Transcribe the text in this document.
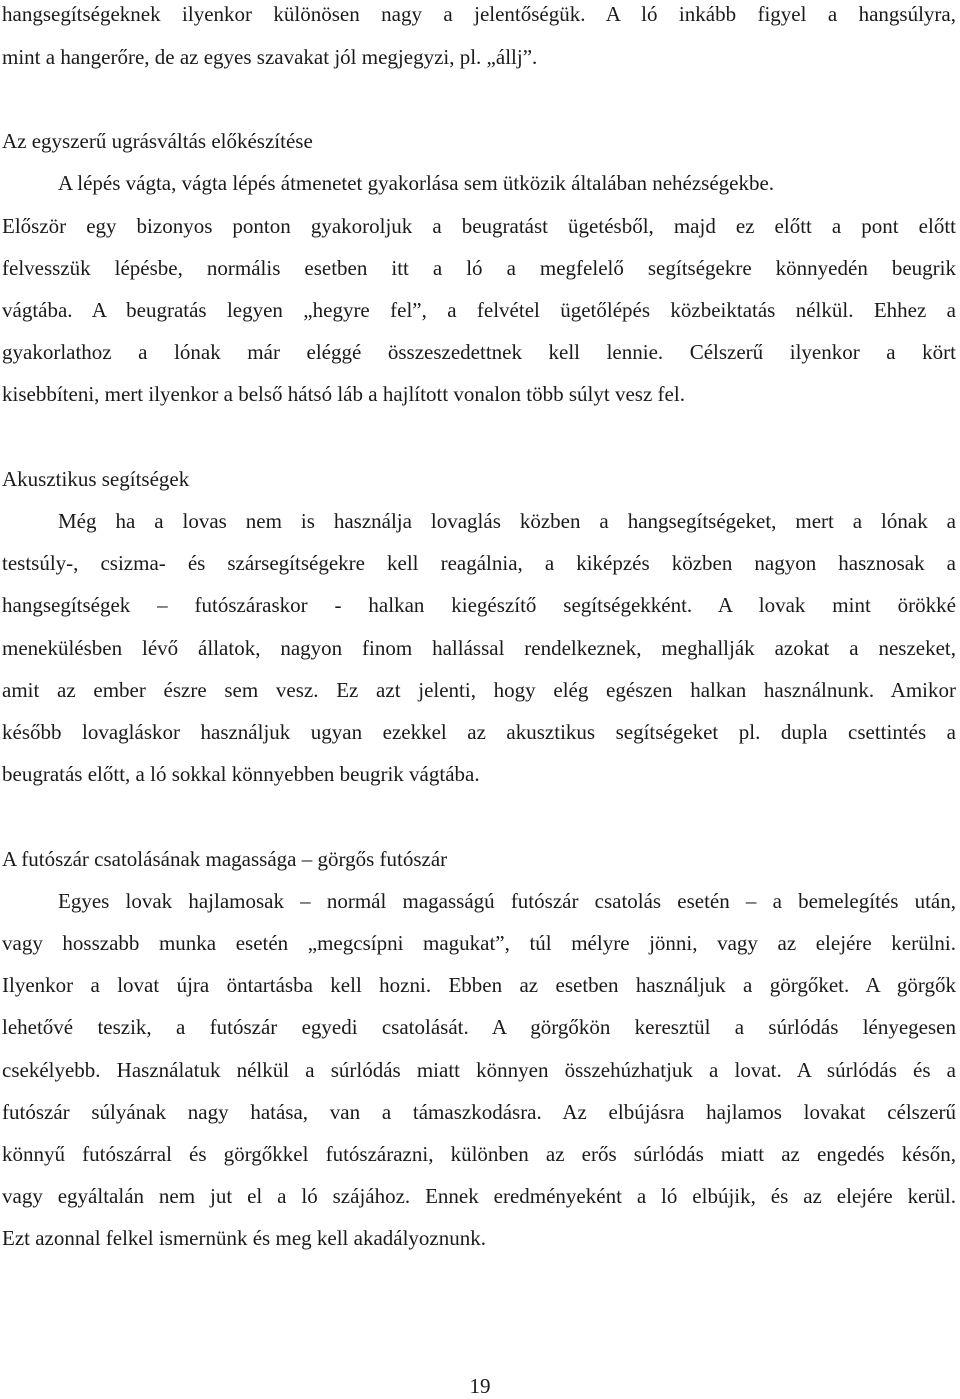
hangsegítségeknek ilyenkor különösen nagy a jelentőségük. A ló inkább figyel a hangsúlyra,
mint a hangerőre, de az egyes szavakat jól megjegyzi, pl. „állj”.
Az egyszerű ugrásváltás előkészítése
A lépés vágta, vágta lépés átmenetet gyakorlása sem ütközik általában nehézségekbe.
Először egy bizonyos ponton gyakoroljuk a beugratást ügetésből, majd ez előtt a pont előtt
felvesszük lépésbe, normális esetben itt a ló a megfelelő segítségekre könnyedén beugrik
vágtába. A beugratás legyen „hegyre fel”, a felvétel ügetőlépés közbeiktatás nélkül. Ehhez a
gyakorlathoz a lónak már eléggé összeszedettnek kell lennie. Célszerű ilyenkor a kört
kisebbíteni, mert ilyenkor a belső hátsó láb a hajlított vonalon több súlyt vesz fel.
Akusztikus segítségek
Még ha a lovas nem is használja lovaglás közben a hangsegítségeket, mert a lónak a
testsúly-, csizma- és szársegítségekre kell reagálnia, a kiképzés közben nagyon hasznosak a
hangsegítségek – futószáraskor - halkan kiegészítő segítségekként. A lovak mint örökké
menekülésben lévő állatok, nagyon finom hallással rendelkeznek, meghallják azokat a neszeket,
amit az ember észre sem vesz. Ez azt jelenti, hogy elég egészen halkan használnunk. Amikor
később lovagláskor használjuk ugyan ezekkel az akusztikus segítségeket pl. dupla csettintés a
beugratás előtt, a ló sokkal könnyebben beugrik vágtába.
A futószár csatolásának magassága – görgős futószár
Egyes lovak hajlamosak – normál magasságú futószár csatolás esetén – a bemelegítés után,
vagy hosszabb munka esetén „megcsípni magukat”, túl mélyre jönni, vagy az elejére kerülni.
Ilyenkor a lovat újra öntartásba kell hozni. Ebben az esetben használjuk a görgőket. A görgők
lehetővé teszik, a futószár egyedi csatolását. A görgőkön keresztül a súrlódás lényegesen
csekélyebb. Használatuk nélkül a súrlódás miatt könnyen összehúzhatjuk a lovat. A súrlódás és a
futószár súlyának nagy hatása, van a támaszkodásra. Az elbújásra hajlamos lovakat célszerű
könnyű futószárral és görgőkkel futószárazni, különben az erős súrlódás miatt az engedés későn,
vagy egyáltalán nem jut el a ló szájához. Ennek eredményeként a ló elbújik, és az elejére kerül.
Ezt azonnal felkel ismernünk és meg kell akadályoznunk.
19
